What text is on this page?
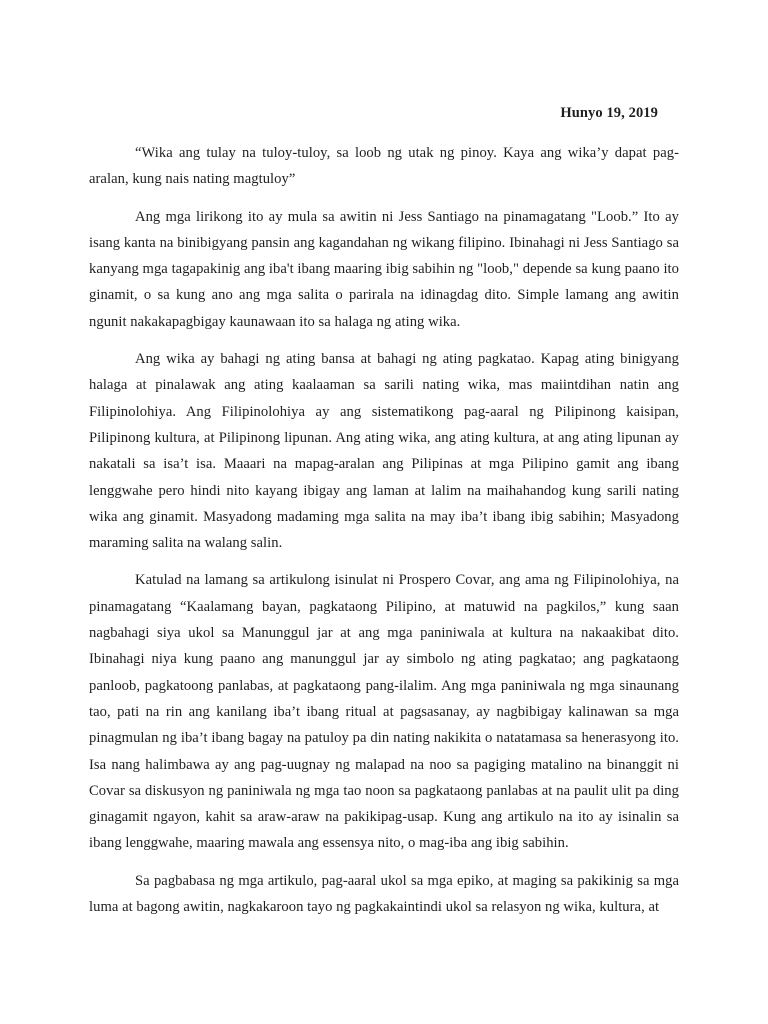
Hunyo 19, 2019

“Wika ang tulay na tuloy-tuloy, sa loob ng utak ng pinoy. Kaya ang wika’y dapat pag-aralan, kung nais nating magtuloy”

Ang mga lirikong ito ay mula sa awitin ni Jess Santiago na pinamagatang "Loob.” Ito ay isang kanta na binibigyang pansin ang kagandahan ng wikang filipino. Ibinahagi ni Jess Santiago sa kanyang mga tagapakinig ang iba't ibang maaring ibig sabihin ng "loob," depende sa kung paano ito ginamit, o sa kung ano ang mga salita o parirala na idinagdag dito. Simple lamang ang awitin ngunit nakakapagbigay kaunawaan ito sa halaga ng ating wika.

Ang wika ay bahagi ng ating bansa at bahagi ng ating pagkatao. Kapag ating binigyang halaga at pinalawak ang ating kaalaaman sa sarili nating wika, mas maiintdihan natin ang Filipinolohiya. Ang Filipinolohiya ay ang sistematikong pag-aaral ng Pilipinong kaisipan, Pilipinong kultura, at Pilipinong lipunan. Ang ating wika, ang ating kultura, at ang ating lipunan ay nakatali sa isa’t isa. Maaari na mapag-aralan ang Pilipinas at mga Pilipino gamit ang ibang lenggwahe pero hindi nito kayang ibigay ang laman at lalim na maihahandog kung sarili nating wika ang ginamit. Masyadong madaming mga salita na may iba’t ibang ibig sabihin; Masyadong maraming salita na walang salin.

Katulad na lamang sa artikulong isinulat ni Prospero Covar, ang ama ng Filipinolohiya, na pinamagatang “Kaalamang bayan, pagkataong Pilipino, at matuwid na pagkilos,” kung saan nagbahagi siya ukol sa Manunggul jar at ang mga paniniwala at kultura na nakaakibat dito. Ibinahagi niya kung paano ang manunggul jar ay simbolo ng ating pagkatao; ang pagkataong panloob, pagkatoong panlabas, at pagkataong pang-ilalim. Ang mga paniniwala ng mga sinaunang tao, pati na rin ang kanilang iba’t ibang ritual at pagsasanay, ay nagbibigay kalinawan sa mga pinagmulan ng iba’t ibang bagay na patuloy pa din nating nakikita o natatamasa sa henerasyong ito. Isa nang halimbawa ay ang pag-uugnay ng malapad na noo sa pagiging matalino na binanggit ni Covar sa diskusyon ng paniniwala ng mga tao noon sa pagkataong panlabas at na paulit ulit pa ding ginagamit ngayon, kahit sa araw-araw na pakikipag-usap. Kung ang artikulo na ito ay isinalin sa ibang lenggwahe, maaring mawala ang essensya nito, o mag-iba ang ibig sabihin.

Sa pagbabasa ng mga artikulo, pag-aaral ukol sa mga epiko, at maging sa pakikinig sa mga luma at bagong awitin, nagkakaroon tayo ng pagkakaintindi ukol sa relasyon ng wika, kultura, at
